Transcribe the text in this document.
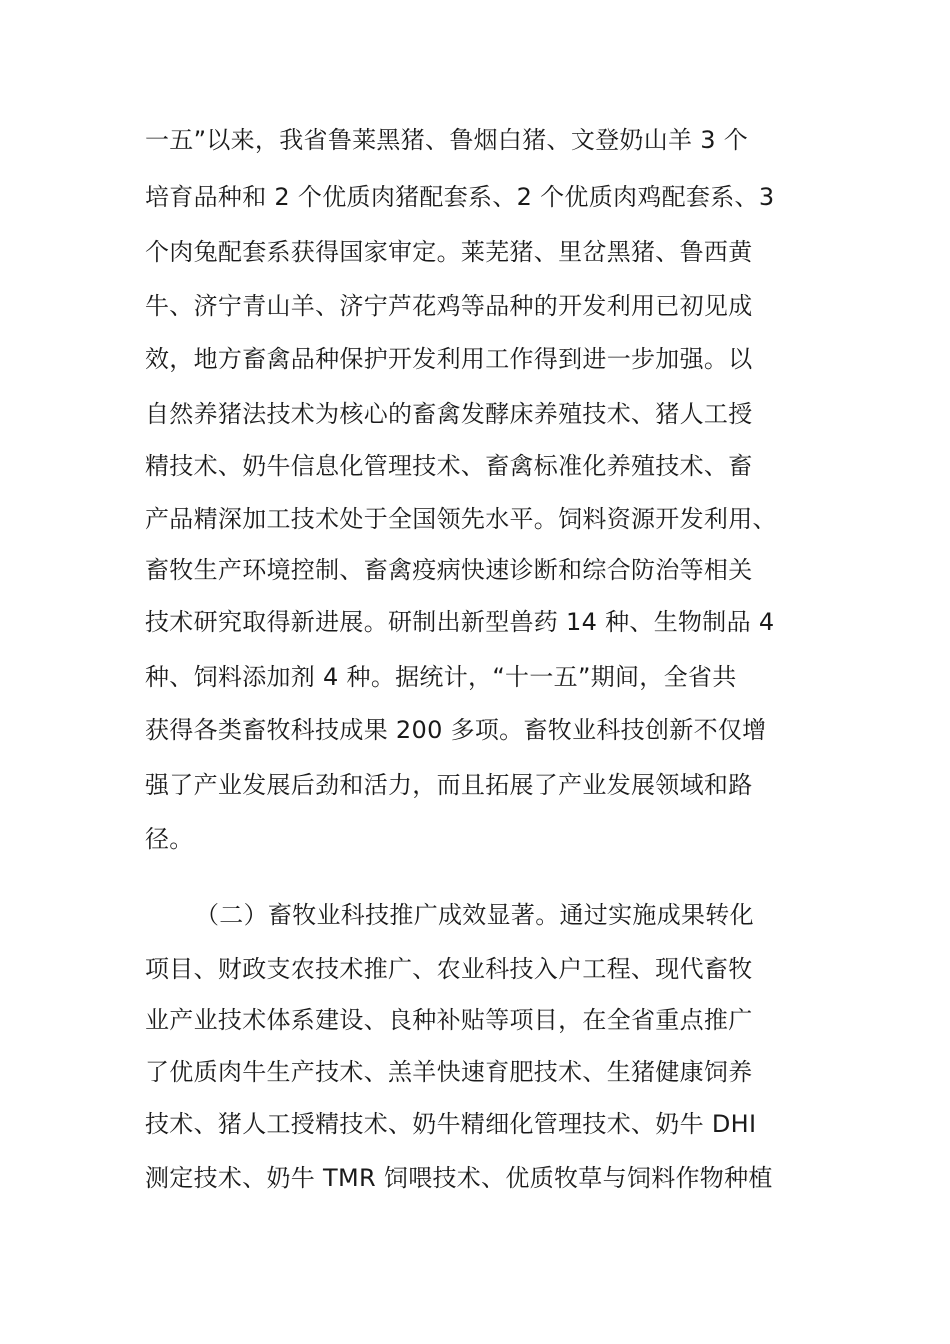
一五”以来，我省鲁莱黑猪、鲁烟白猪、文登奶山羊 3 个
培育品种和 2 个优质肉猪配套系、2 个优质肉鸡配套系、3
个肉兔配套系获得国家审定。莱芜猪、里岔黑猪、鲁西黄
牛、济宁青山羊、济宁芦花鸡等品种的开发利用已初见成
效，地方畜禽品种保护开发利用工作得到进一步加强。以
自然养猪法技术为核心的畜禽发酵床养殖技术、猪人工授
精技术、奶牛信息化管理技术、畜禽标准化养殖技术、畜
产品精深加工技术处于全国领先水平。饲料资源开发利用、
畜牧生产环境控制、畜禽疫病快速诊断和综合防治等相关
技术研究取得新进展。研制出新型兽药 14 种、生物制品 4
种、饲料添加剂 4 种。据统计，“十一五”期间，全省共
获得各类畜牧科技成果 200 多项。畜牧业科技创新不仅增
强了产业发展后劲和活力，而且拓展了产业发展领域和路
径。
（二）畜牧业科技推广成效显著。通过实施成果转化
项目、财政支农技术推广、农业科技入户工程、现代畜牧
业产业技术体系建设、良种补贴等项目，在全省重点推广
了优质肉牛生产技术、羔羊快速育肥技术、生猪健康饲养
技术、猪人工授精技术、奶牛精细化管理技术、奶牛 DHI
测定技术、奶牛 TMR 饲喂技术、优质牧草与饲料作物种植
